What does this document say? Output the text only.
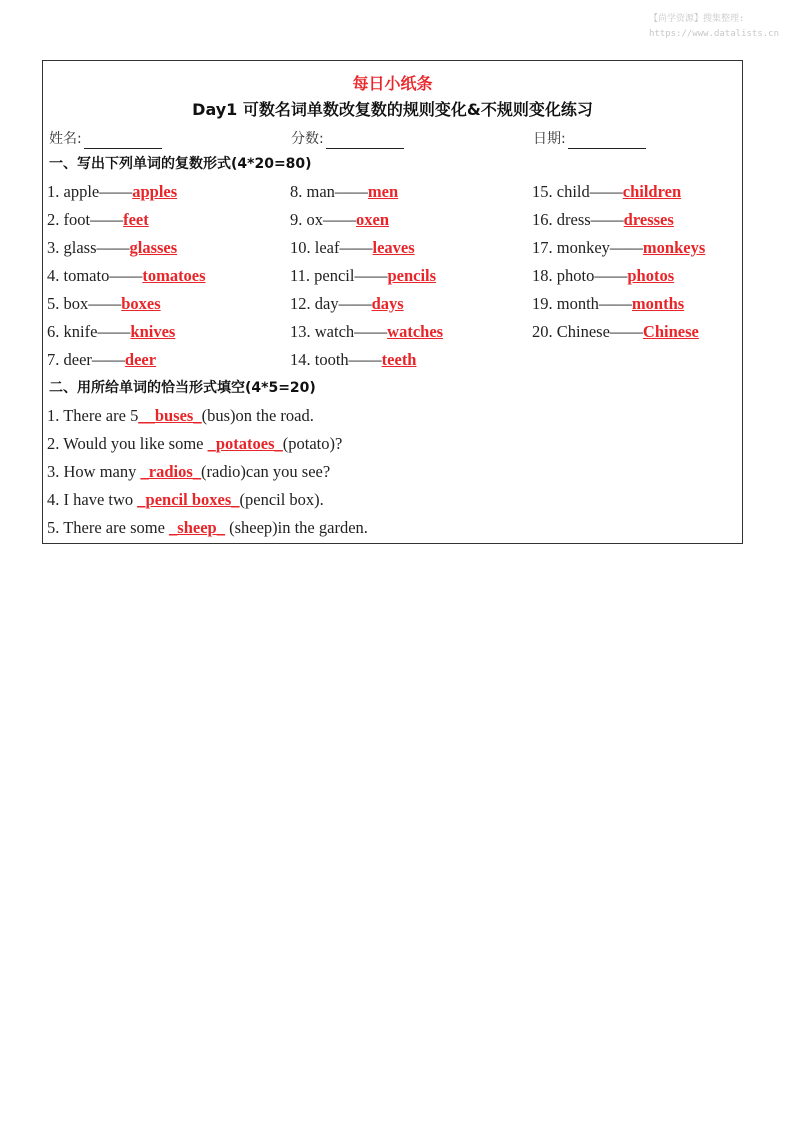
【尚学资源】搜集整理:
https://www.datalists.cn
每日小纸条
Day1 可数名词单数改复数的规则变化&不规则变化练习
姓名:	分数:	日期:
一、写出下列单词的复数形式(4*20=80)
1. apple——apples
2. foot——feet
3. glass——glasses
4. tomato——tomatoes
5. box——boxes
6. knife——knives
7. deer——deer
8. man——men
9. ox——oxen
10. leaf——leaves
11. pencil——pencils
12. day——days
13. watch——watches
14. tooth——teeth
15. child——children
16. dress——dresses
17. monkey——monkeys
18. photo——photos
19. month——months
20. Chinese——Chinese
二、用所给单词的恰当形式填空(4*5=20)
1. There are 5__buses_(bus)on the road.
2. Would you like some _potatoes_(potato)?
3. How many _radios_(radio)can you see?
4. I have two _pencil boxes_(pencil box).
5. There are some _sheep_ (sheep)in the garden.
